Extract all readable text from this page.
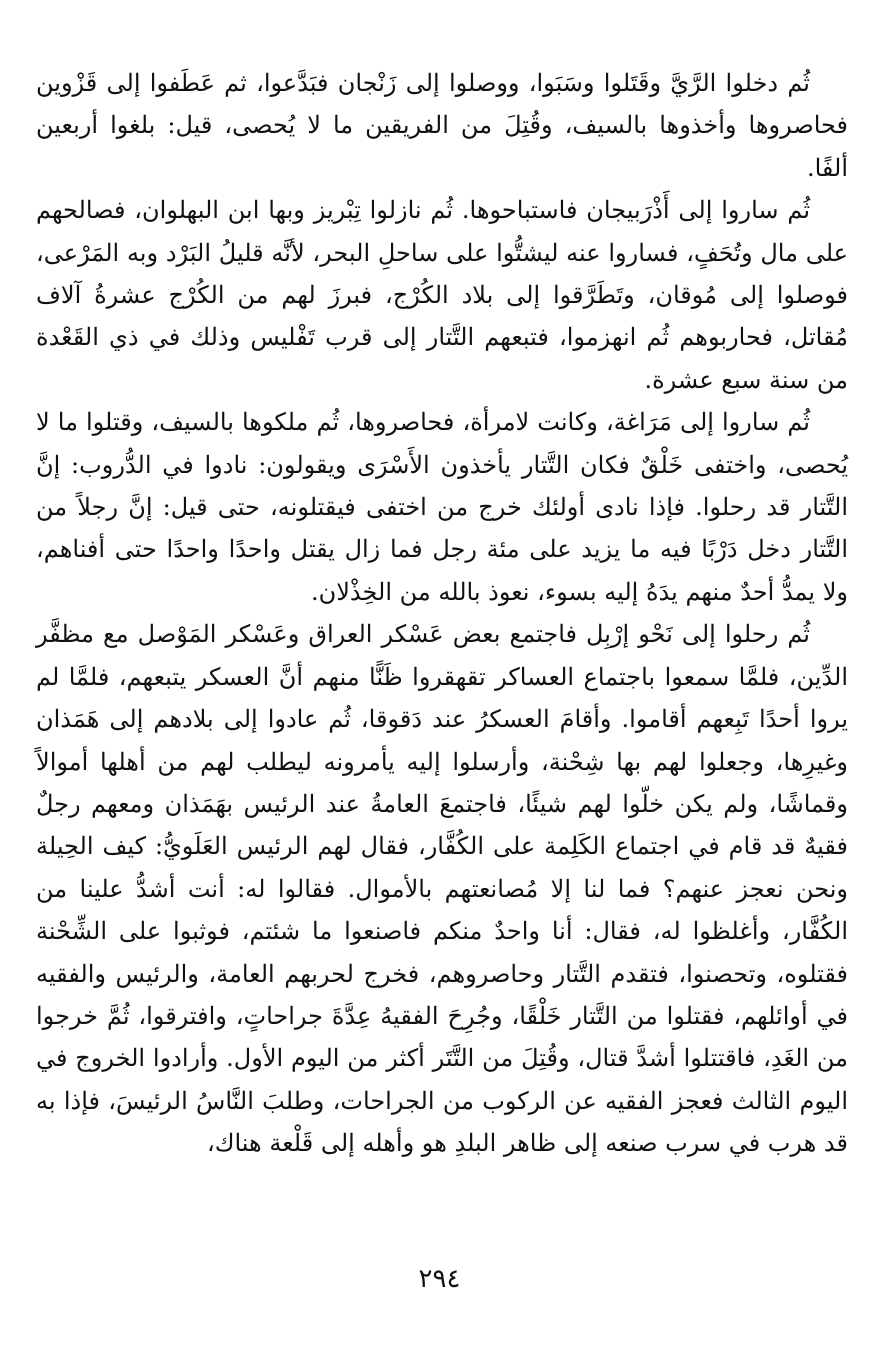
ثُم دخلوا الرَّيَّ وقَتَلوا وسَبَوا، ووصلوا إلى زَنْجان فبَدَّعوا، ثم عَطَفوا إلى قَزْوين فحاصروها وأخذوها بالسيف، وقُتِلَ من الفريقين ما لا يُحصى، قيل: بلغوا أربعين ألفًا.

ثُم ساروا إلى أَذْرَبيجان فاستباحوها. ثُم نازلوا تِبْريز وبها ابن البهلوان، فصالحهم على مال وتُحَفٍ، فساروا عنه ليشتُّوا على ساحلِ البحر، لأنَّه قليلُ البَرْد وبه المَرْعى، فوصلوا إلى مُوقان، وتَطَرَّقوا إلى بلاد الكُرْج، فبرزَ لهم من الكُرْج عشرةُ آلاف مُقاتل، فحاربوهم ثُم انهزموا، فتبعهم التَّتار إلى قرب تَفْليس وذلك في ذي القَعْدة من سنة سبع عشرة.

ثُم ساروا إلى مَرَاغة، وكانت لامرأة، فحاصروها، ثُم ملكوها بالسيف، وقتلوا ما لا يُحصى، واختفى خَلْقٌ فكان التَّتار يأخذون الأَسْرَى ويقولون: نادوا في الدُّروب: إنَّ التَّتار قد رحلوا. فإذا نادى أولئك خرج من اختفى فيقتلونه، حتى قيل: إنَّ رجلاً من التَّتار دخل دَرْبًا فيه ما يزيد على مئة رجل فما زال يقتل واحدًا واحدًا حتى أفناهم، ولا يمدُّ أحدٌ منهم يدَهُ إليه بسوء، نعوذ بالله من الخِذْلان.

ثُم رحلوا إلى نَحْو إرْبِل فاجتمع بعض عَسْكر العراق وعَسْكر المَوْصل مع مظفَّر الدِّين، فلمَّا سمعوا باجتماع العساكر تقهقروا ظَنًّا منهم أنَّ العسكر يتبعهم، فلمَّا لم يروا أحدًا تَبِعهم أقاموا. وأقامَ العسكرُ عند دَقوقا، ثُم عادوا إلى بلادهم إلى هَمَذان وغيرِها، وجعلوا لهم بها شِحْنة، وأرسلوا إليه يأمرونه ليطلب لهم من أهلها أموالاً وقماشًا، ولم يكن خلّوا لهم شيئًا، فاجتمعَ العامةُ عند الرئيس بهَمَذان ومعهم رجلٌ فقيهٌ قد قام في اجتماع الكَلِمة على الكُفَّار، فقال لهم الرئيس العَلَويُّ: كيف الحِيلة ونحن نعجز عنهم؟ فما لنا إلا مُصانعتهم بالأموال. فقالوا له: أنت أشدُّ علينا من الكُفَّار، وأغلظوا له، فقال: أنا واحدٌ منكم فاصنعوا ما شئتم، فوثبوا على الشِّحْنة فقتلوه، وتحصنوا، فتقدم التَّتار وحاصروهم، فخرج لحربهم العامة، والرئيس والفقيه في أوائلهم، فقتلوا من التَّتار خَلْقًا، وجُرِحَ الفقيهُ عِدَّةَ جراحاتٍ، وافترقوا، ثُمَّ خرجوا من الغَدِ، فاقتتلوا أشدَّ قتال، وقُتِلَ من التَّتَر أكثر من اليوم الأول. وأرادوا الخروج في اليوم الثالث فعجز الفقيه عن الركوب من الجراحات، وطلبَ النَّاسُ الرئيسَ، فإذا به قد هرب في سرب صنعه إلى ظاهر البلدِ هو وأهله إلى قَلْعة هناك،

٢٩٤
